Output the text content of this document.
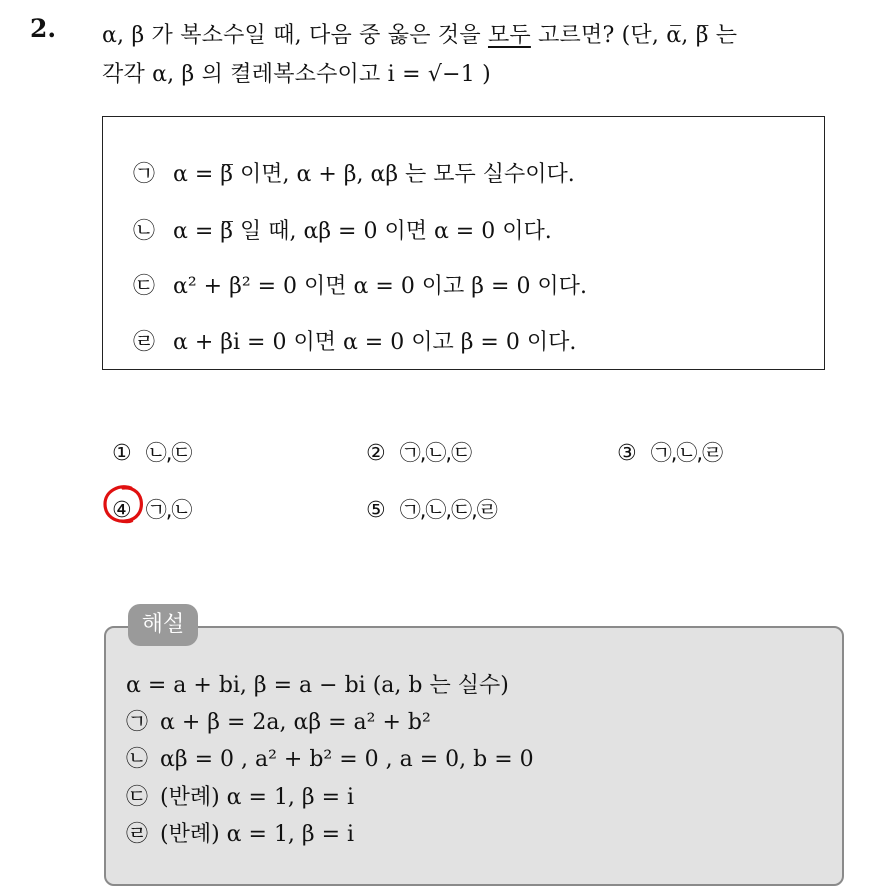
2. α, β 가 복소수일 때, 다음 중 옳은 것을 모두 고르면? (단, α̅, β̅ 는
각각 α, β 의 켤레복소수이고 i = √−1 )
㉠ α = β̅ 이면, α + β, αβ 는 모두 실수이다.
㉡ α = β̅ 일 때, αβ = 0 이면 α = 0 이다.
㉢ α² + β² = 0 이면 α = 0 이고 β = 0 이다.
㉣ α + βi = 0 이면 α = 0 이고 β = 0 이다.
① ㉡,㉢	② ㉠,㉡,㉢	③ ㉠,㉡,㉣
④ ㉠,㉡	⑤ ㉠,㉡,㉢,㉣
α = a + bi, β = a − bi (a, b 는 실수)
㉠ α + β = 2a, αβ = a² + b²
㉡ αβ = 0 , a² + b² = 0 , a = 0, b = 0
㉢ (반례) α = 1, β = i
㉣ (반례) α = 1, β = i
해설
